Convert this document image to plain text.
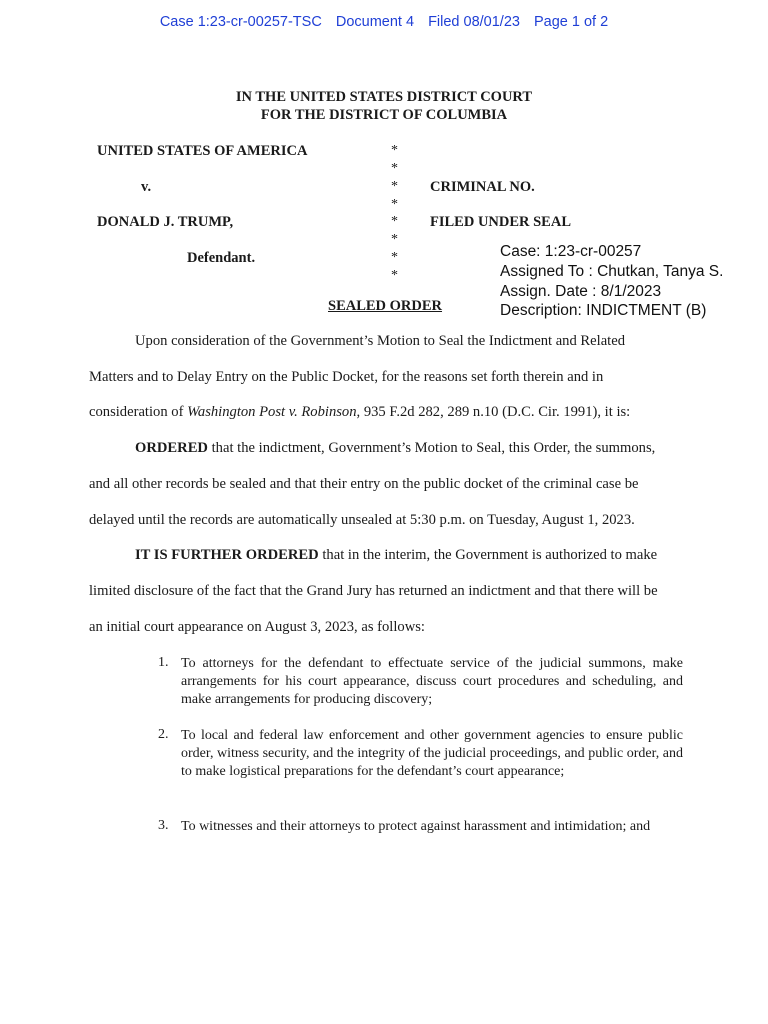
Case 1:23-cr-00257-TSC Document 4 Filed 08/01/23 Page 1 of 2
IN THE UNITED STATES DISTRICT COURT
FOR THE DISTRICT OF COLUMBIA
UNITED STATES OF AMERICA
v.
DONALD J. TRUMP,
Defendant.
CRIMINAL NO.
FILED UNDER SEAL
*
*
*
*
*
*
*
*
Case: 1:23-cr-00257
Assigned To : Chutkan, Tanya S.
Assign. Date : 8/1/2023
Description: INDICTMENT (B)
SEALED ORDER
Upon consideration of the Government’s Motion to Seal the Indictment and Related
Matters and to Delay Entry on the Public Docket, for the reasons set forth therein and in
consideration of Washington Post v. Robinson, 935 F.2d 282, 289 n.10 (D.C. Cir. 1991), it is:
ORDERED that the indictment, Government’s Motion to Seal, this Order, the summons,
and all other records be sealed and that their entry on the public docket of the criminal case be
delayed until the records are automatically unsealed at 5:30 p.m. on Tuesday, August 1, 2023.
IT IS FURTHER ORDERED that in the interim, the Government is authorized to make
limited disclosure of the fact that the Grand Jury has returned an indictment and that there will be
an initial court appearance on August 3, 2023, as follows:
1. To attorneys for the defendant to effectuate service of the judicial summons, make arrangements for his court appearance, discuss court procedures and scheduling, and make arrangements for producing discovery;
2. To local and federal law enforcement and other government agencies to ensure public order, witness security, and the integrity of the judicial proceedings, and public order, and to make logistical preparations for the defendant’s court appearance;
3. To witnesses and their attorneys to protect against harassment and intimidation; and
